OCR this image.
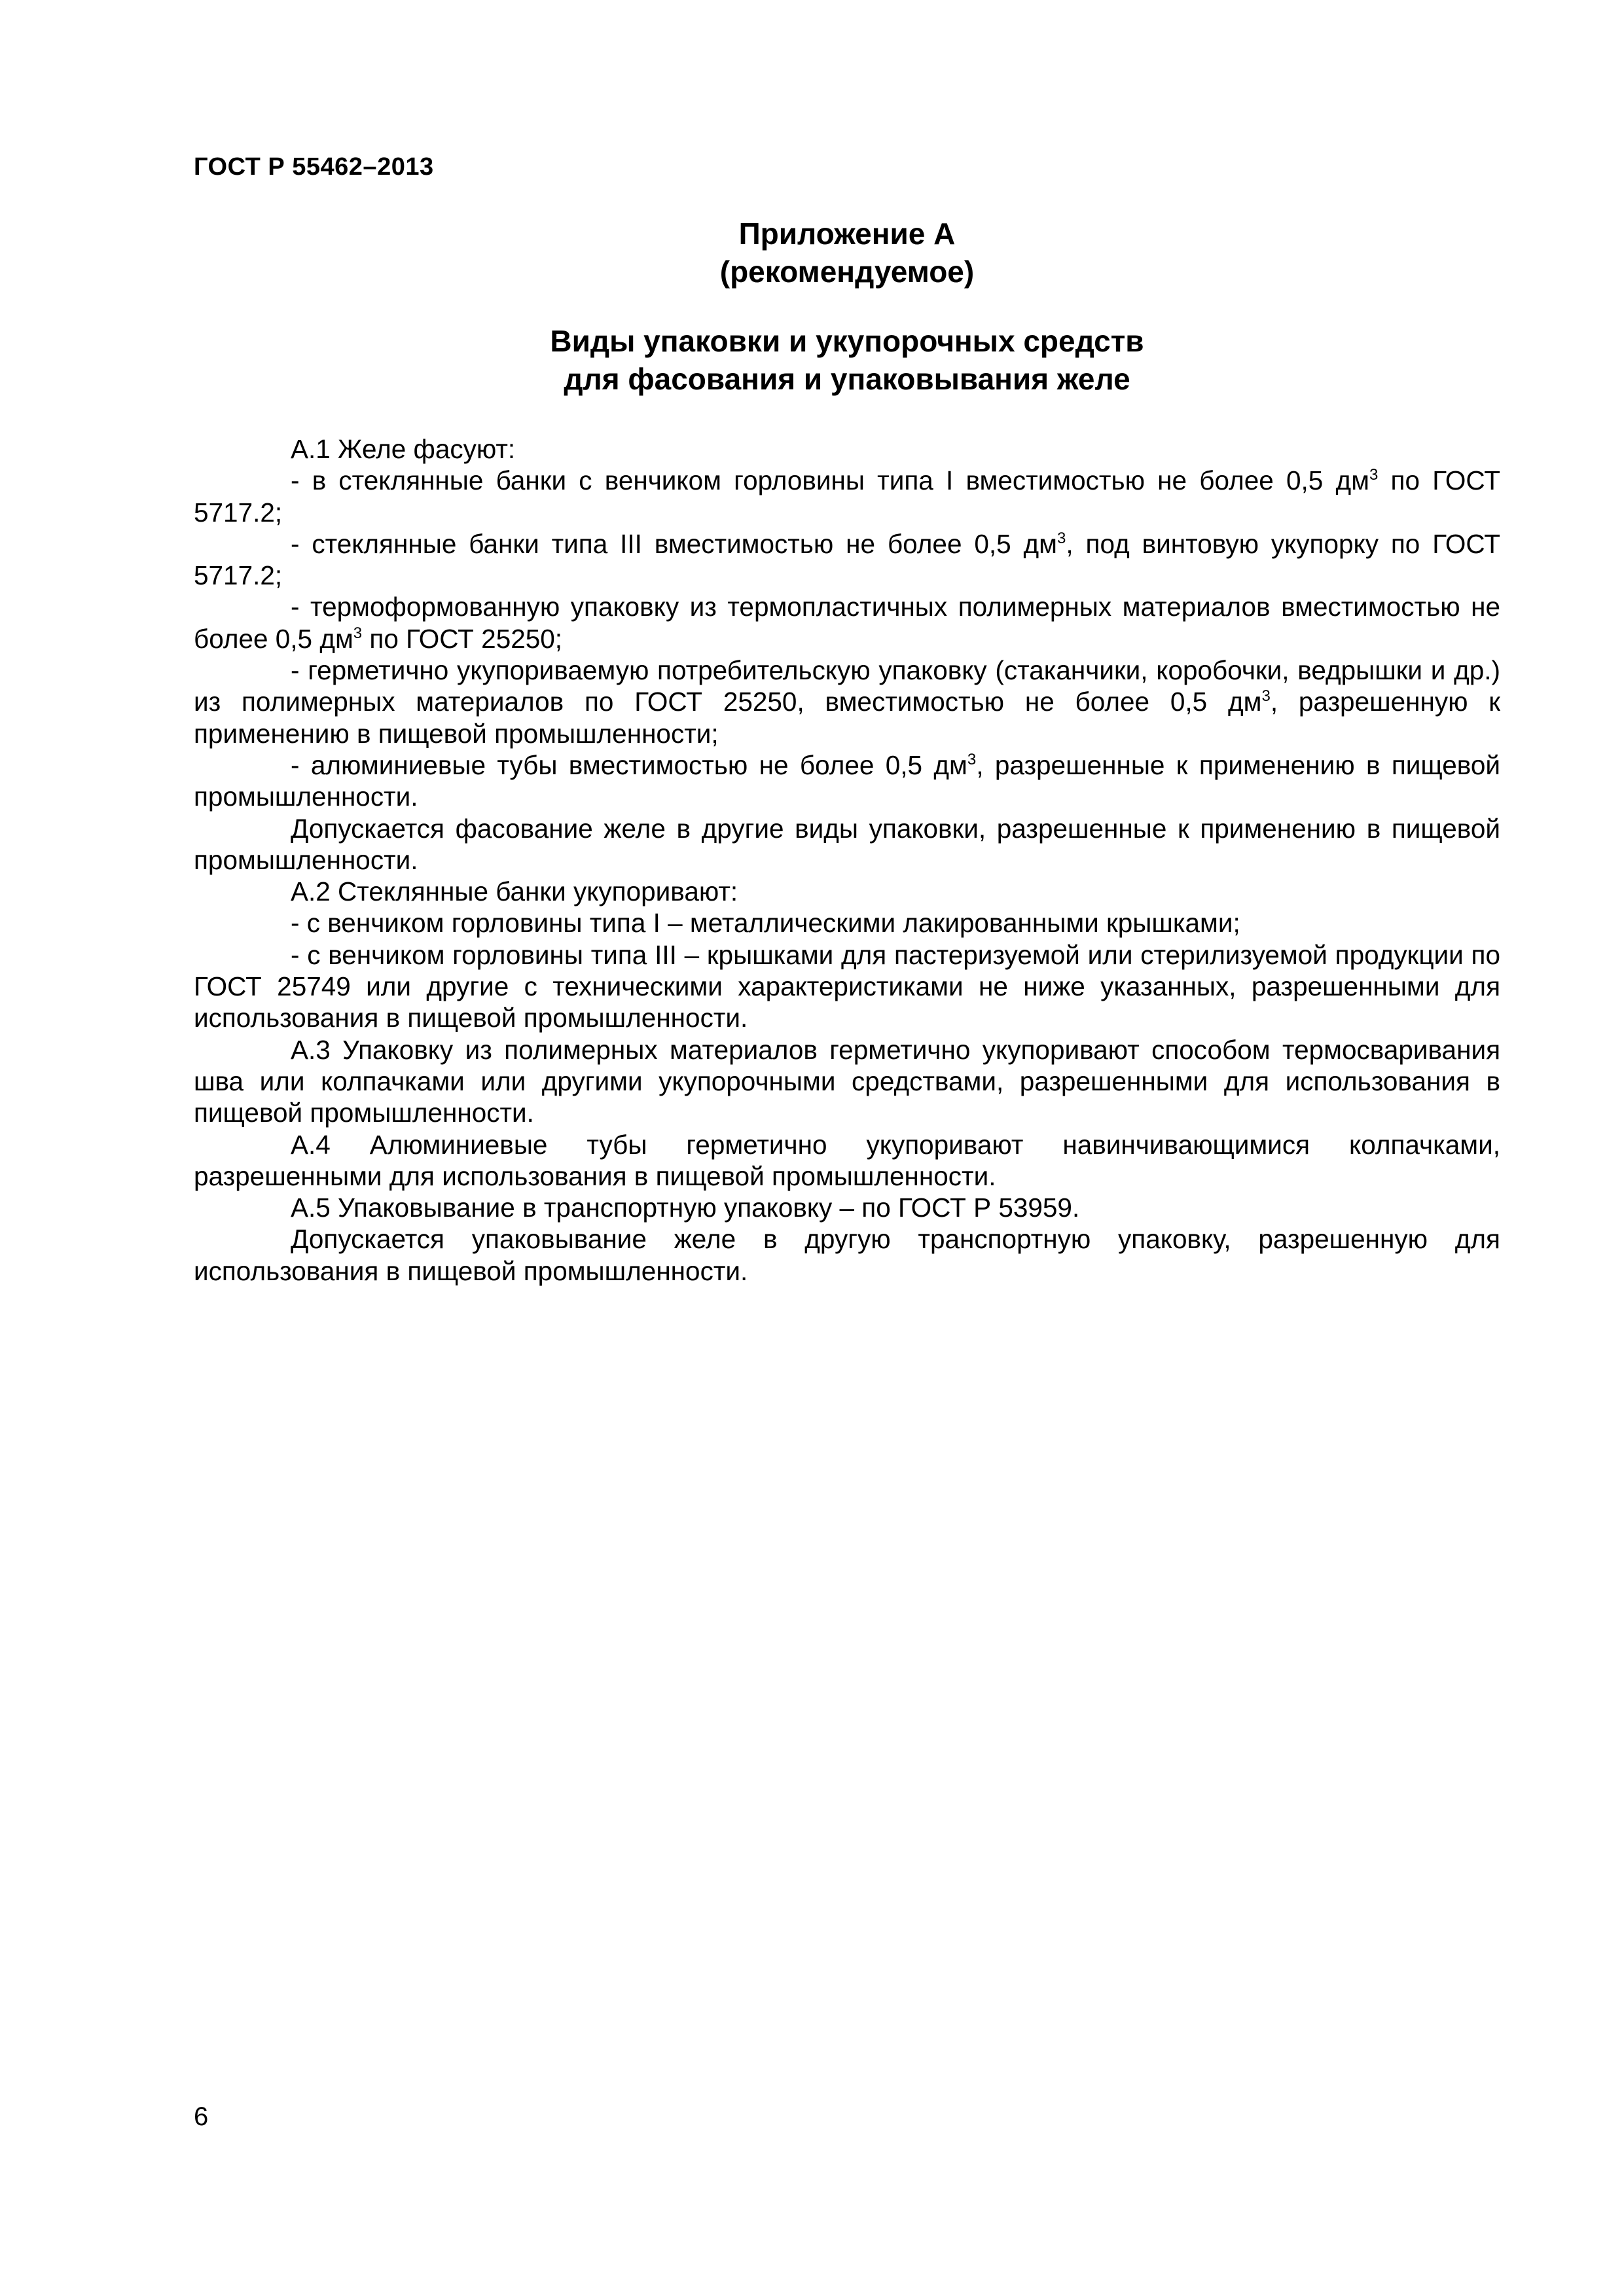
ГОСТ Р 55462–2013
Приложение А
(рекомендуемое)
Виды упаковки и укупорочных средств
для фасования и упаковывания желе

А.1 Желе фасуют:

- в стеклянные банки с венчиком горловины типа I вместимостью не более 0,5 $дм^3$ по ГОСТ 5717.2;

- стеклянные банки типа III вместимостью не более 0,5 $дм^3$, под винтовую укупорку по ГОСТ 5717.2;

- термоформованную упаковку из термопластичных полимерных материалов вместимостью не более 0,5 $дм^3$ по ГОСТ 25250;

- герметично укупориваемую потребительскую упаковку (стаканчики, коробочки, ведрышки и др.) из полимерных материалов по ГОСТ 25250, вместимостью не более 0,5 $дм^3$, разрешенную к применению в пищевой промышленности;

- алюминиевые тубы вместимостью не более 0,5 $дм^3$, разрешенные к применению в пищевой промышленности.

Допускается фасование желе в другие виды упаковки, разрешенные к применению в пищевой промышленности.

А.2 Стеклянные банки укупоривают:

- с венчиком горловины типа I – металлическими лакированными крышками;

- с венчиком горловины типа III – крышками для пастеризуемой или стерилизуемой продукции по ГОСТ 25749 или другие с техническими характеристиками не ниже указанных, разрешенными для использования в пищевой промышленности.

А.3 Упаковку из полимерных материалов герметично укупоривают способом термосваривания шва или колпачками или другими укупорочными средствами, разрешенными для использования в пищевой промышленности.

А.4 Алюминиевые тубы герметично укупоривают навинчивающимися колпачками, разрешенными для использования в пищевой промышленности.

А.5 Упаковывание в транспортную упаковку – по ГОСТ Р 53959.

Допускается упаковывание желе в другую транспортную упаковку, разрешенную для использования в пищевой промышленности.

6
